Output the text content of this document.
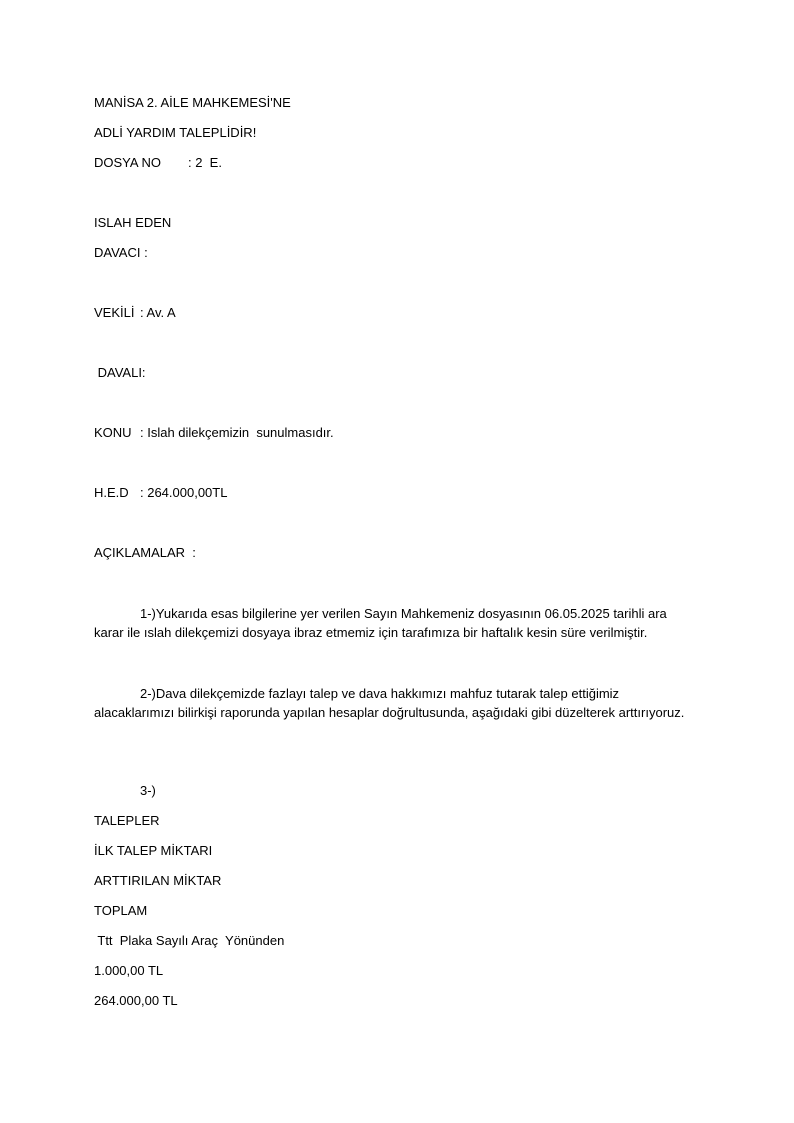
MANİSA 2. AİLE MAHKEMESİ'NE
ADLİ YARDIM TALEPLİDİR!
DOSYA NO : 2  E.
ISLAH EDEN
DAVACI :
VEKİLİ : Av. A
DAVALI:
KONU : Islah dilekçemizin  sunulmasıdır.
H.E.D : 264.000,00TL
AÇIKLAMALAR  :
1-)Yukarıda esas bilgilerine yer verilen Sayın Mahkemeniz dosyasının 06.05.2025 tarihli ara karar ile ıslah dilekçemizi dosyaya ibraz etmemiz için tarafımıza bir haftalık kesin süre verilmiştir.
2-)Dava dilekçemizde fazlayı talep ve dava hakkımızı mahfuz tutarak talep ettiğimiz alacaklarımızı bilirkişi raporunda yapılan hesaplar doğrultusunda, aşağıdaki gibi düzelterek arttırıyoruz.
3-)
TALEPLER
İLK TALEP MİKTARI
ARTTIRILAN MİKTAR
TOPLAM
Ttt  Plaka Sayılı Araç  Yönünden
1.000,00 TL
264.000,00 TL
